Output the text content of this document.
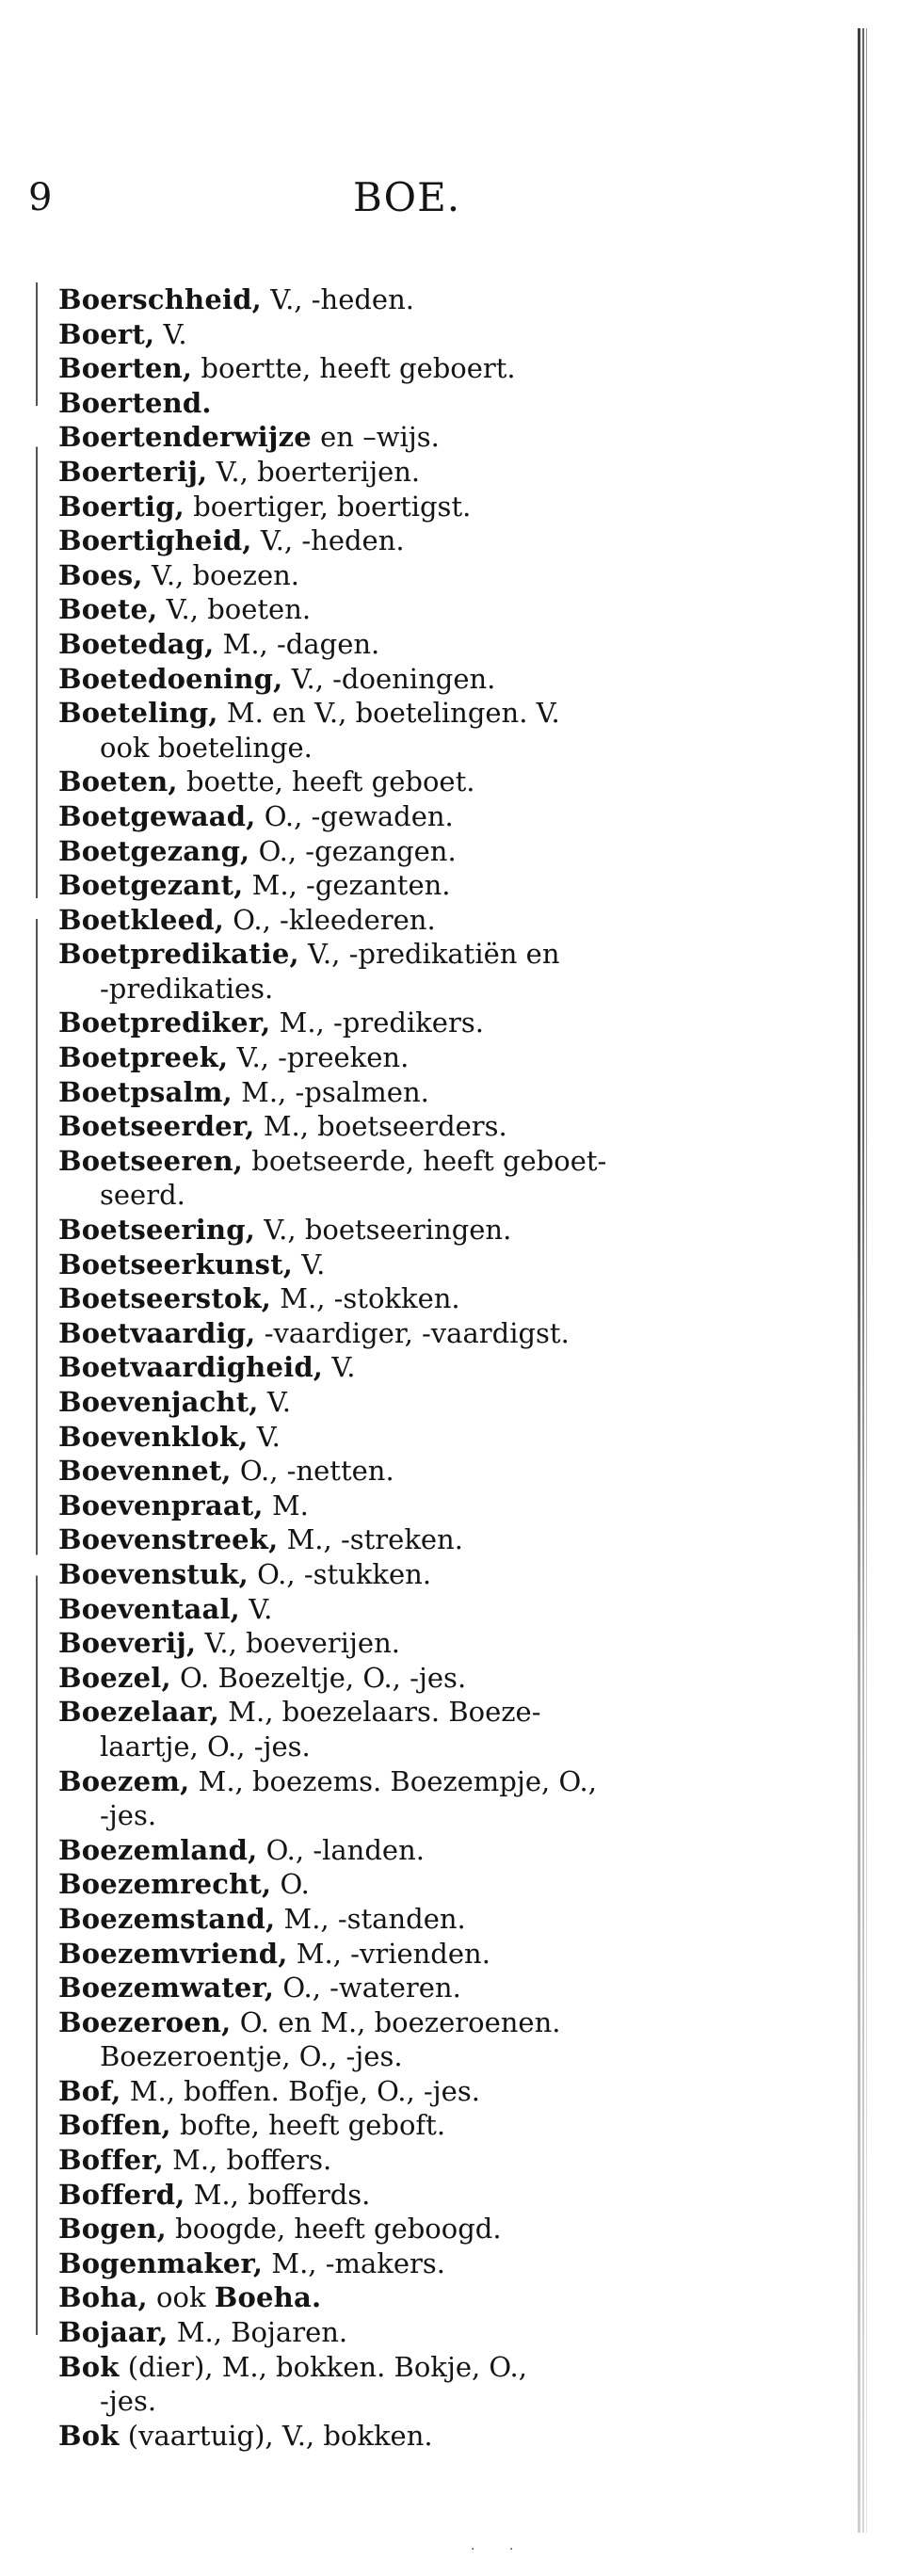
9	BOE.
Boerschheid, V., -heden.
Boert, V.
Boerten, boertte, heeft geboert.
Boertend.
Boertenderwijze en –wijs.
Boerterij, V., boerterijen.
Boertig, boertiger, boertigst.
Boertigheid, V., -heden.
Boes, V., boezen.
Boete, V., boeten.
Boetedag, M., -dagen.
Boetedoening, V., -doeningen.
Boeteling, M. en V., boetelingen. V.
ook boetelinge.
Boeten, boette, heeft geboet.
Boetgewaad, O., -gewaden.
Boetgezang, O., -gezangen.
Boetgezant, M., -gezanten.
Boetkleed, O., -kleederen.
Boetpredikatie, V., -predikatiën en
-predikaties.
Boetprediker, M., -predikers.
Boetpreek, V., -preeken.
Boetpsalm, M., -psalmen.
Boetseerder, M., boetseerders.
Boetseeren, boetseerde, heeft geboet-
seerd.
Boetseering, V., boetseeringen.
Boetseerkunst, V.
Boetseerstok, M., -stokken.
Boetvaardig, -vaardiger, -vaardigst.
Boetvaardigheid, V.
Boevenjacht, V.
Boevenklok, V.
Boevennet, O., -netten.
Boevenpraat, M.
Boevenstreek, M., -streken.
Boevenstuk, O., -stukken.
Boeventaal, V.
Boeverij, V., boeverijen.
Boezel, O. Boezeltje, O., -jes.
Boezelaar, M., boezelaars. Boeze-
laartje, O., -jes.
Boezem, M., boezems. Boezempje, O.,
-jes.
Boezemland, O., -landen.
Boezemrecht, O.
Boezemstand, M., -standen.
Boezemvriend, M., -vrienden.
Boezemwater, O., -wateren.
Boezeroen, O. en M., boezeroenen.
Boezeroentje, O., -jes.
Bof, M., boffen. Bofje, O., -jes.
Boffen, bofte, heeft geboft.
Boffer, M., boffers.
Bofferd, M., bofferds.
Bogen, boogde, heeft geboogd.
Bogenmaker, M., -makers.
Boha, ook Boeha.
Bojaar, M., Bojaren.
Bok (dier), M., bokken. Bokje, O.,
-jes.
Bok (vaartuig), V., bokken.
· ·
